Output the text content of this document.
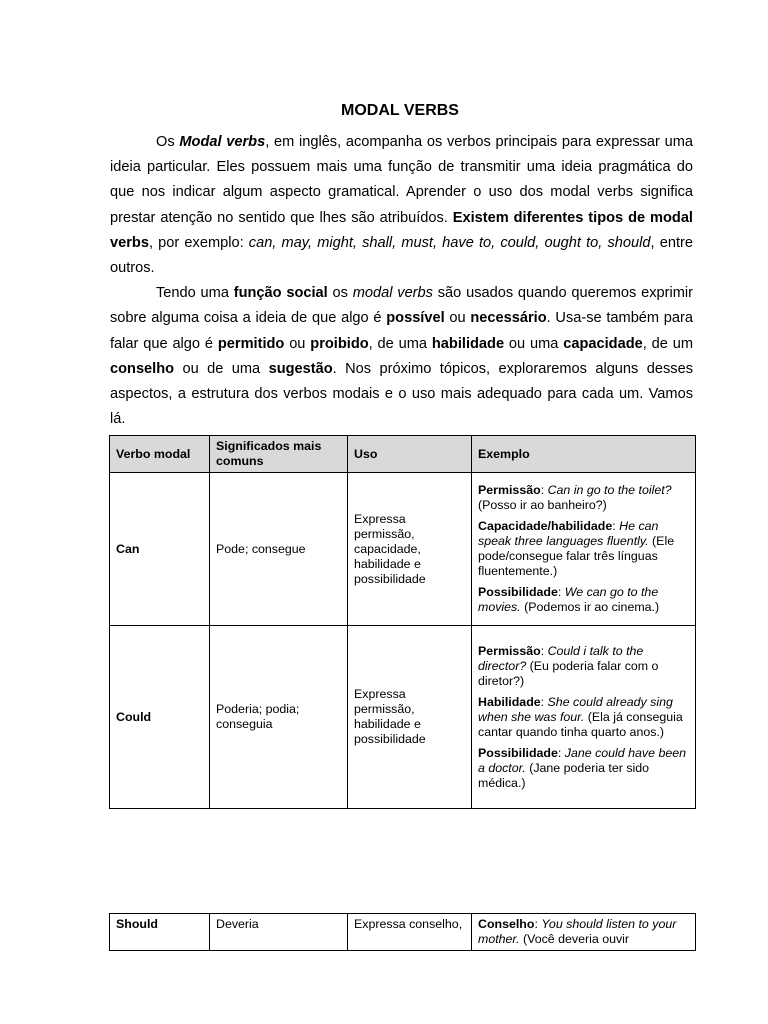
MODAL VERBS

Os Modal verbs, em inglês, acompanha os verbos principais para expressar uma ideia particular. Eles possuem mais uma função de transmitir uma ideia pragmática do que nos indicar algum aspecto gramatical. Aprender o uso dos modal verbs significa prestar atenção no sentido que lhes são atribuídos. Existem diferentes tipos de modal verbs, por exemplo: can, may, might, shall, must, have to, could, ought to, should, entre outros.

Tendo uma função social os modal verbs são usados quando queremos exprimir sobre alguma coisa a ideia de que algo é possível ou necessário. Usa-se também para falar que algo é permitido ou proibido, de uma habilidade ou uma capacidade, de um conselho ou de uma sugestão. Nos próximo tópicos, exploraremos alguns desses aspectos, a estrutura dos verbos modais e o uso mais adequado para cada um. Vamos lá.

Verbo modal	Significados mais comuns	Uso	Exemplo
Can	Pode; consegue	Expressa permissão, capacidade, habilidade e possibilidade	Permissão: Can in go to the toilet? (Posso ir ao banheiro?)

Capacidade/habilidade: He can speak three languages fluently. (Ele pode/consegue falar três línguas fluentemente.)

Possibilidade: We can go to the movies. (Podemos ir ao cinema.)

Could	Poderia; podia; conseguia	Expressa permissão, habilidade e possibilidade	Permissão: Could i talk to the director? (Eu poderia falar com o diretor?)

Habilidade: She could already sing when she was four. (Ela já conseguia cantar quando tinha quarto anos.)

Possibilidade: Jane could have been a doctor. (Jane poderia ter sido médica.)

Should	Deveria	Expressa conselho,	Conselho: You should listen to your mother. (Você deveria ouvir
